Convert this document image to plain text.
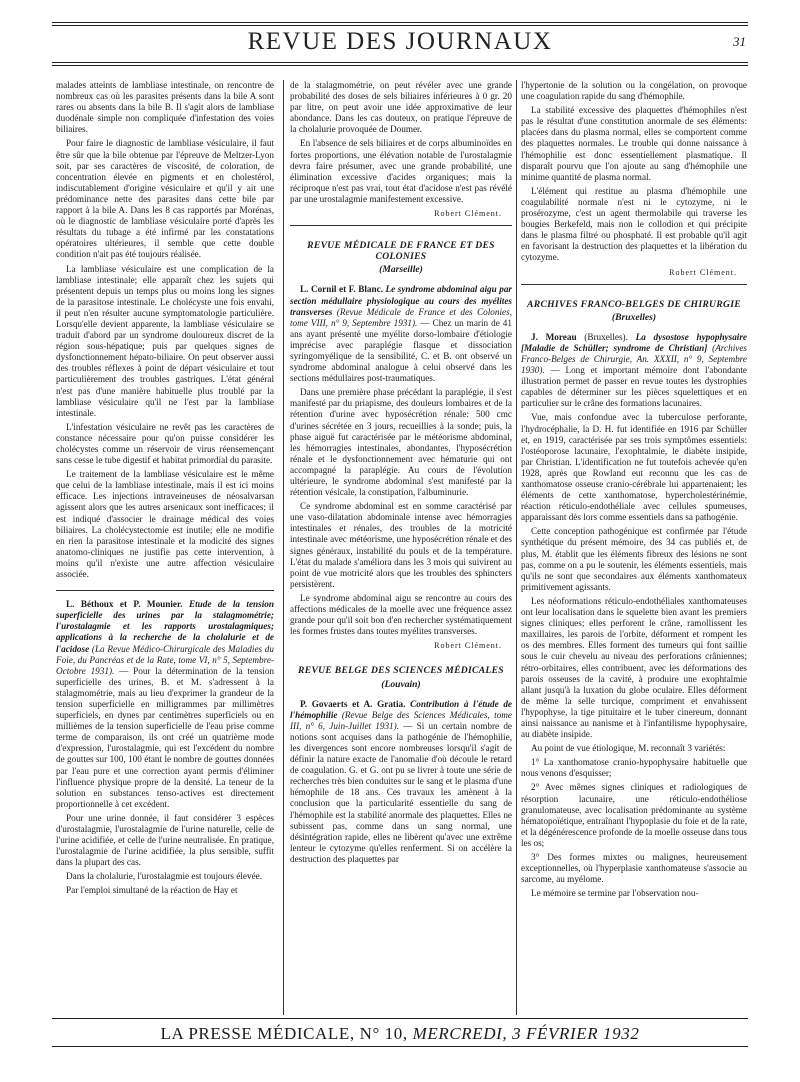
REVUE DES JOURNAUX	31

malades atteints de lambliase intestinale, on rencontre de nombreux cas où les parasites présents dans la bile A sont rares ou absents dans la bile B. Il s'agit alors de lambliase duodénale simple non compliquée d'infestation des voies biliaires.

Pour faire le diagnostic de lambliase vésiculaire, il faut être sûr que la bile obtenue par l'épreuve de Meltzer-Lyon soit, par ses caractères de viscosité, de coloration, de concentration élevée en pigments et en cholestérol, indiscutablement d'origine vésiculaire et qu'il y ait une prédominance nette des parasites dans cette bile par rapport à la bile A. Dans les 8 cas rapportés par Morénas, où le diagnostic de lambliase vésiculaire porté d'après les résultats du tubage a été infirmé par les constatations opératoires ultérieures, il semble que cette double condition n'ait pas été toujours réalisée.

La lambliase vésiculaire est une complication de la lambliase intestinale; elle apparaît chez les sujets qui présentent depuis un temps plus ou moins long les signes de la parasitose intestinale. Le cholécyste une fois envahi, il peut n'en résulter aucune symptomatologie particulière. Lorsqu'elle devient apparente, la lambliase vésiculaire se traduit d'abord par un syndrome douloureux discret de la région sous-hépatique; puis par quelques signes de dysfonctionnement hépato-biliaire. On peut observer aussi des troubles réflexes à point de départ vésiculaire et tout particulièrement des troubles gastriques. L'état général n'est pas d'une manière habituelle plus troublé par la lambliase vésiculaire qu'il ne l'est par la lambliase intestinale.

L'infestation vésiculaire ne revêt pas les caractères de constance nécessaire pour qu'on puisse considérer les cholécystes comme un réservoir de virus réensemençant sans cesse le tube digestif et habitat primordial du parasite.

Le traitement de la lambliase vésiculaire est le même que celui de la lambliase intestinale, mais il est ici moins efficace. Les injections intraveineuses de néosalvarsan agissent alors que les autres arsenicaux sont inefficaces; il est indiqué d'associer le drainage médical des voies biliaires. La cholécystectomie est inutile; elle ne modifie en rien la parasitose intestinale et la modicité des signes anatomo-cliniques ne justifie pas cette intervention, à moins qu'il n'existe une autre affection vésiculaire associée.

L. Béthoux et P. Mounier. Etude de la tension superficielle des urines par la stalagmométrie; l'urostalagmie et les rapports urostalagmiques; applications à la recherche de la cholalurie et de l'acidose (La Revue Médico-Chirurgicale des Maladies du Foie, du Pancréas et de la Rate, tome VI, n° 5, Septembre-Octobre 1931). — Pour la détermination de la tension superficielle des urines, B. et M. s'adressent à la stalagmométrie, mais au lieu d'exprimer la grandeur de la tension superficielle en milligrammes par millimètres superficiels, en dynes par centimètres superficiels ou en millièmes de la tension superficielle de l'eau prise comme terme de comparaison, ils ont créé un quatrième mode d'expression, l'urostalagmie, qui est l'excédent du nombre de gouttes sur 100, 100 étant le nombre de gouttes données par l'eau pure et une correction ayant permis d'éliminer l'influence physique propre de la densité. La teneur de la solution en substances tenso-actives est directement proportionnelle à cet excédent.

Pour une urine donnée, il faut considérer 3 espèces d'urostalagmie, l'urostalagmie de l'urine naturelle, celle de l'urine acidifiée, et celle de l'urine neutralisée. En pratique, l'urostalagmie de l'urine acidifiée, la plus sensible, suffit dans la plupart des cas.

Dans la cholalurie, l'urostalagmie est toujours élevée.

Par l'emploi simultané de la réaction de Hay et

de la stalagmométrie, on peut révéler avec une grande probabilité des doses de sels biliaires inférieures à 0 gr. 20 par litre, on peut avoir une idée approximative de leur abondance. Dans les cas douteux, on pratique l'épreuve de la cholalurie provoquée de Doumer.

En l'absence de sels biliaires et de corps albuminoïdes en fortes proportions, une élévation notable de l'urostalagmie devra faire présumer, avec une grande probabilité, une élimination excessive d'acides organiques; mais la réciproque n'est pas vrai, tout état d'acidose n'est pas révélé par une urostalagmie manifestement excessive.

Robert Clément.

REVUE MÉDICALE DE FRANCE ET DES COLONIES

(Marseille)

L. Cornil et F. Blanc. Le syndrome abdominal aigu par section médullaire physiologique au cours des myélites transverses (Revue Médicale de France et des Colonies, tome VIII, n° 9, Septembre 1931). — Chez un marin de 41 ans ayant présenté une myélite dorso-lombaire d'étiologie imprécise avec paraplégie flasque et dissociation syringomyélique de la sensibilité, C. et B. ont observé un syndrome abdominal analogue à celui observé dans les sections médullaires post-traumatiques.

Dans une première phase précédant la paraplégie, il s'est manifesté par du priapisme, des douleurs lombaires et de la rétention d'urine avec hyposécrétion rénale: 500 cmc d'urines sécrétée en 3 jours, recueillies à la sonde; puis, la phase aiguë fut caractérisée par le météorisme abdominal, les hémorragies intestinales, abondantes, l'hyposécrétion rénale et le dysfonctionnement avec hématurie qui ont accompagné la paraplégie. Au cours de l'évolution ultérieure, le syndrome abdominal s'est manifesté par la rétention vésicale, la constipation, l'albuminurie.

Ce syndrome abdominal est en somme caractérisé par une vaso-dilatation abdominale intense avec hémorragies intestinales et rénales, des troubles de la motricité intestinale avec météorisme, une hyposécrétion rénale et des signes généraux, instabilité du pouls et de la température. L'état du malade s'améliora dans les 3 mois qui suivirent au point de vue motricité alors que les troubles des sphincters persistèrent.

Le syndrome abdominal aigu se rencontre au cours des affections médicales de la moelle avec une fréquence assez grande pour qu'il soit bon d'en rechercher systématiquement les formes frustes dans toutes myélites transverses.

Robert Clément.

REVUE BELGE DES SCIENCES MÉDICALES

(Louvain)

P. Govaerts et A. Gratia. Contribution à l'étude de l'hémophilie (Revue Belge des Sciences Médicales, tome III, n° 6, Juin-Juillet 1931). — Si un certain nombre de notions sont acquises dans la pathogénie de l'hémophilie, les divergences sont encore nombreuses lorsqu'il s'agit de définir la nature exacte de l'anomalie d'où découle le retard de coagulation. G. et G. ont pu se livrer à toute une série de recherches très bien conduites sur le sang et le plasma d'une hémophile de 18 ans. Ces travaux les amènent à la conclusion que la particularité essentielle du sang de l'hémophile est la stabilité anormale des plaquettes. Elles ne subissent pas, comme dans un sang normal, une désintégration rapide, elles ne libèrent qu'avec une extrême lenteur le cytozyme qu'elles renferment. Si on accélère la destruction des plaquettes par

l'hypertonie de la solution ou la congélation, on provoque une coagulation rapide du sang d'hémophile.

La stabilité excessive des plaquettes d'hémophiles n'est pas le résultat d'une constitution anormale de ses éléments: placées dans du plasma normal, elles se comportent comme des plaquettes normales. Le trouble qui donne naissance à l'hémophilie est donc essentiellement plasmatique. Il disparaît pourvu que l'on ajoute au sang d'hémophile une minime quantité de plasma normal.

L'élément qui restitue au plasma d'hémophile une coagulabilité normale n'est ni le cytozyme, ni le prosérozyme, c'est un agent thermolabile qui traverse les bougies Berkefeld, mais non le collodion et qui précipite dans le plasma filtré ou phosphaté. Il est probable qu'il agit en favorisant la destruction des plaquettes et la libération du cytozyme.

Robert Clément.

ARCHIVES FRANCO-BELGES DE CHIRURGIE

(Bruxelles)

J. Moreau (Bruxelles). La dysostose hypophysaire [Maladie de Schüller; syndrome de Christian] (Archives Franco-Belges de Chirurgie, An. XXXII, n° 9, Septembre 1930). — Long et important mémoire dont l'abondante illustration permet de passer en revue toutes les dystrophies capables de déterminer sur les pièces squelettiques et en particulier sur le crâne des formations lacunaires.

Vue, mais confondue avec la tuberculose perforante, l'hydrocéphalie, la D. H. fut identifiée en 1916 par Schüller et, en 1919, caractérisée par ses trois symptômes essentiels: l'ostéoporose lacunaire, l'exophtalmie, le diabète insipide, par Christian. L'identification ne fut toutefois achevée qu'en 1928, après que Rowland eut reconnu que les cas de xanthomatose osseuse cranio-cérébrale lui appartenaient; les éléments de cette xanthomatose, hypercholestérinémie, réaction réticulo-endothéliale avec cellules spumeuses, apparaissant dès lors comme essentiels dans sa pathogénie.

Cette conception pathogénique est confirmée par l'étude synthétique du présent mémoire, des 34 cas publiés et, de plus, M. établit que les éléments fibreux des lésions ne sont pas, comme on a pu le soutenir, les éléments essentiels, mais qu'ils ne sont que secondaires aux éléments xanthomateux primitivement agissants.

Les néoformations réticulo-endothéliales xanthomateuses ont leur localisation dans le squelette bien avant les premiers signes cliniques; elles perforent le crâne, ramollissent les maxillaires, les parois de l'orbite, déforment et rompent les os des membres. Elles forment des tumeurs qui font saillie sous le cuir chevelu au niveau des perforations crâniennes; rétro-orbitaires, elles contribuent, avec les déformations des parois osseuses de la cavité, à produire une exophtalmie allant jusqu'à la luxation du globe oculaire. Elles déforment de même la selle turcique, compriment et envahissent l'hypophyse, la tige pituitaire et le tuber cinereum, donnant ainsi naissance au nanisme et à l'infantilisme hypophysaire, au diabète insipide.

Au point de vue étiologique, M. reconnaît 3 variétés:

1° La xanthomatose cranio-hypophysaire habituelle que nous venons d'esquisser;

2° Avec mêmes signes cliniques et radiologiques de résorption lacunaire, une réticulo-endothéliose granulomateuse, avec localisation prédominante au système hématopoïétique, entraînant l'hypoplasie du foie et de la rate, et la dégénérescence profonde de la moelle osseuse dans tous les os;

3° Des formes mixtes ou malignes, heureusement exceptionnelles, où l'hyperplasie xanthomateuse s'associe au sarcome, au myélome.

Le mémoire se termine par l'observation nou-

LA PRESSE MÉDICALE, N° 10, MERCREDI, 3 FÉVRIER 1932
